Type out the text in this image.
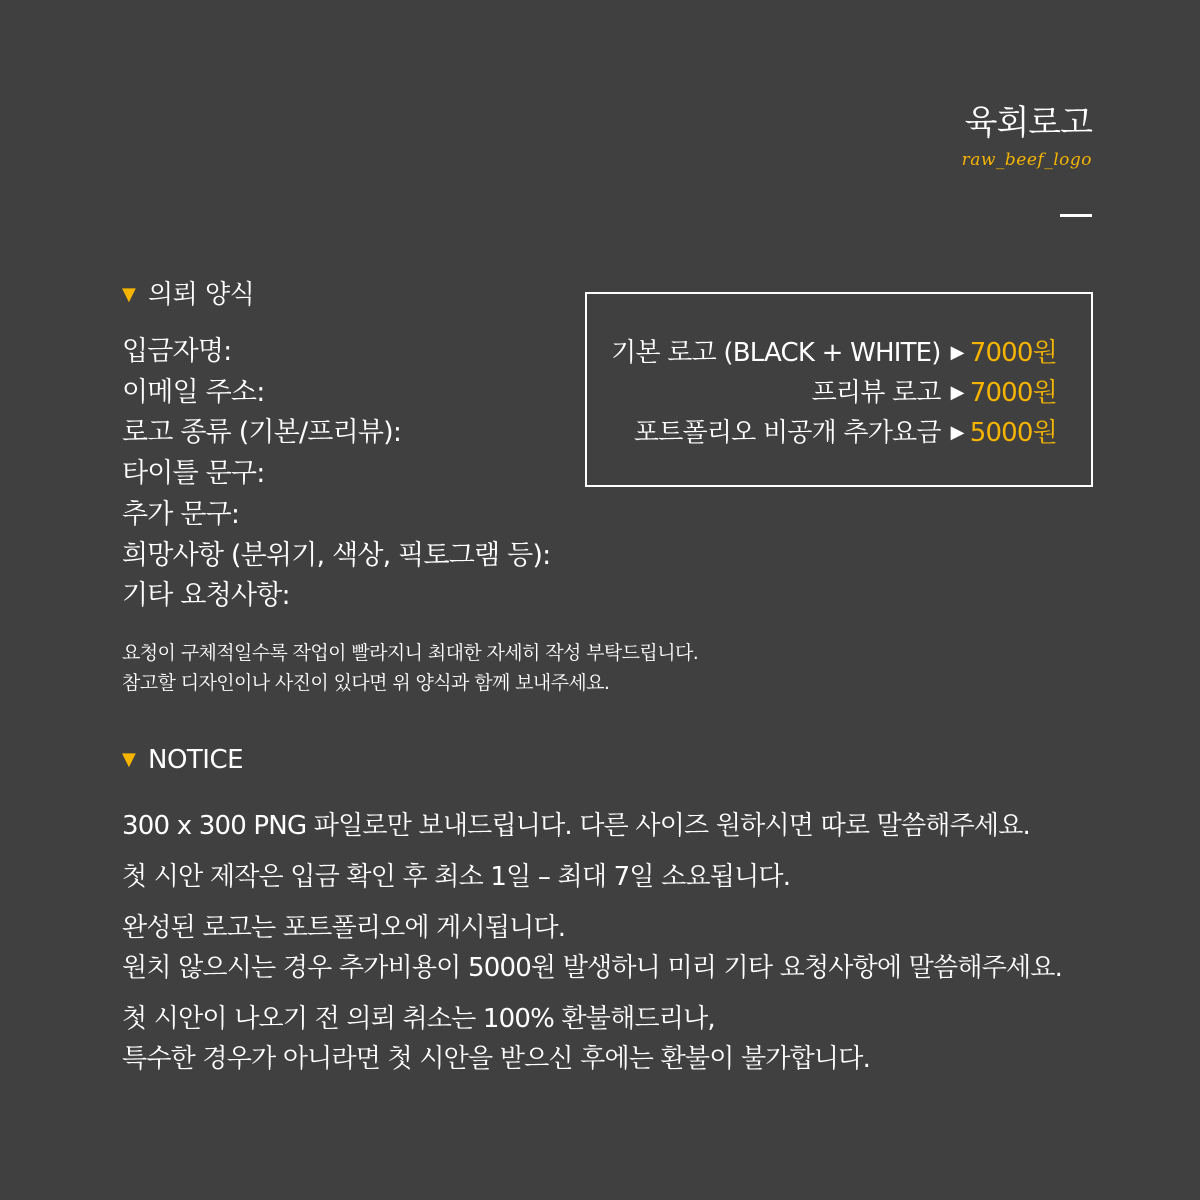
육회로고
raw_beef_logo
▼ 의뢰 양식
입금자명:
이메일 주소:
로고 종류 (기본/프리뷰):
타이틀 문구:
추가 문구:
희망사항 (분위기, 색상, 픽토그램 등):
기타 요청사항:
요청이 구체적일수록 작업이 빨라지니 최대한 자세히 작성 부탁드립니다.
참고할 디자인이나 사진이 있다면 위 양식과 함께 보내주세요.
기본 로고 (BLACK + WHITE) ▶ 7000원
프리뷰 로고 ▶ 7000원
포트폴리오 비공개 추가요금 ▶ 5000원
▼ NOTICE
300 x 300 PNG 파일로만 보내드립니다. 다른 사이즈 원하시면 따로 말씀해주세요.
첫 시안 제작은 입금 확인 후 최소 1일 – 최대 7일 소요됩니다.
완성된 로고는 포트폴리오에 게시됩니다.
원치 않으시는 경우 추가비용이 5000원 발생하니 미리 기타 요청사항에 말씀해주세요.
첫 시안이 나오기 전 의뢰 취소는 100% 환불해드리나,
특수한 경우가 아니라면 첫 시안을 받으신 후에는 환불이 불가합니다.
